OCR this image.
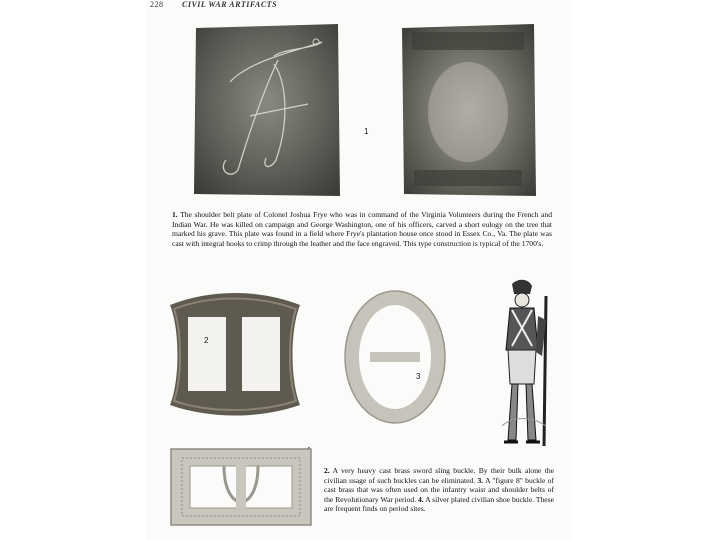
228 CIVIL WAR ARTIFACTS
1

1. The shoulder belt plate of Colonel Joshua Frye who was in command of the Virginia Volunteers during the French and Indian War. He was killed on campaign and George Washington, one of his officers, carved a short eulogy on the tree that marked his grave. This plate was found in a field where Frye's plantation house once stood in Essex Co., Va. The plate was cast with integral hooks to crimp through the leather and the face engraved. This type construction is typical of the 1700's.

2
3

2. A very heavy cast brass sword sling buckle. By their bulk alone the civilian usage of such buckles can be eliminated. 3. A "figure 8" buckle of cast brass that was often used on the infantry waist and shoulder belts of the Revolutionary War period. 4. A silver plated civilian shoe buckle. These are frequent finds on period sites.
